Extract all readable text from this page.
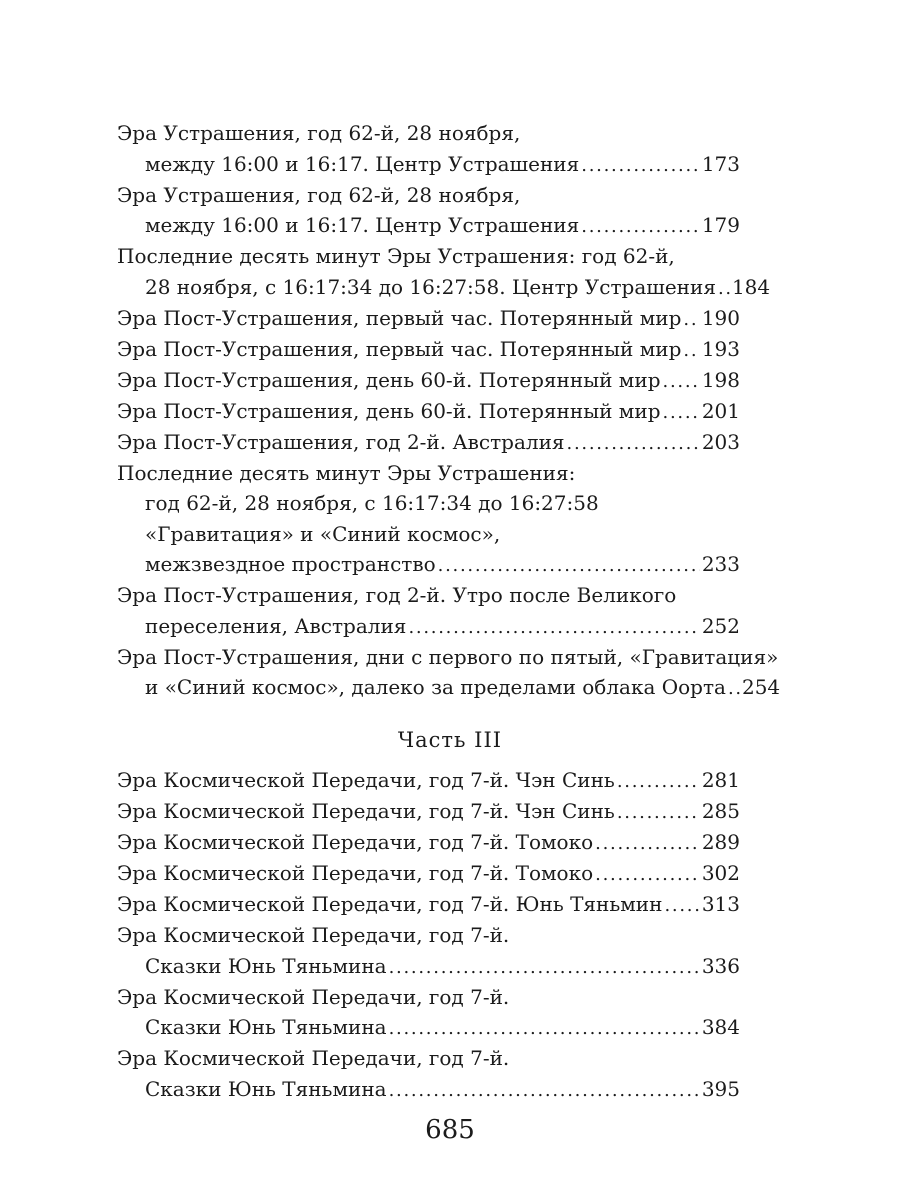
Эра Устрашения, год 62-й, 28 ноября,
между 16:00 и 16:17. Центр Устрашения . . .	173
Эра Устрашения, год 62-й, 28 ноября,
между 16:00 и 16:17. Центр Устрашения . . .	179
Последние десять минут Эры Устрашения: год 62-й,
28 ноября, с 16:17:34 до 16:27:58. Центр Устрашения . . . 184
Эра Пост-Устрашения, первый час. Потерянный мир . . . 190
Эра Пост-Устрашения, первый час. Потерянный мир . . . 193
Эра Пост-Устрашения, день 60-й. Потерянный мир . . . 198
Эра Пост-Устрашения, день 60-й. Потерянный мир . . . 201
Эра Пост-Устрашения, год 2-й. Австралия . . .	203
Последние десять минут Эры Устрашения:
год 62-й, 28 ноября, с 16:17:34 до 16:27:58
«Гравитация» и «Синий космос»,
межзвездное пространство . . .	233
Эра Пост-Устрашения, год 2-й. Утро после Великого
переселения, Австралия . . .	252
Эра Пост-Устрашения, дни с первого по пятый, «Гравитация»
и «Синий космос», далеко за пределами облака Оорта . . . 254
Эра Космической Передачи, год 7-й. Чэн Синь . . .	281
Эра Космической Передачи, год 7-й. Чэн Синь . . .	285
Эра Космической Передачи, год 7-й. Томоко . . .	289
Эра Космической Передачи, год 7-й. Томоко . . .	302
Эра Космической Передачи, год 7-й. Юнь Тяньмин . . . 313
Эра Космической Передачи, год 7-й.
Сказки Юнь Тяньмина . . .	336
Эра Космической Передачи, год 7-й.
Сказки Юнь Тяньмина . . .	384
Эра Космической Передачи, год 7-й.
Сказки Юнь Тяньмина . . .	395
Часть III
685
